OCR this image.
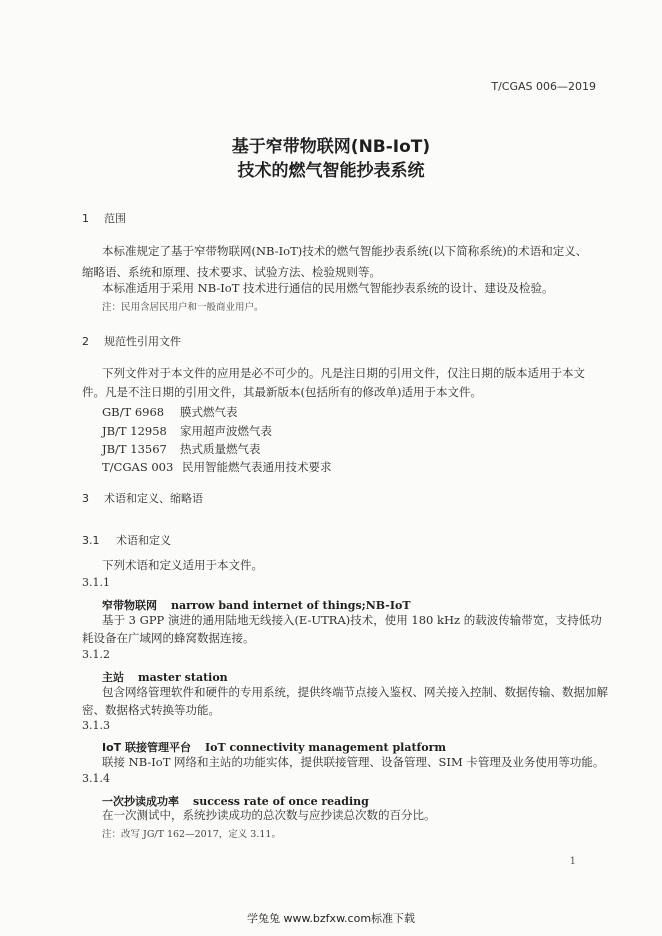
T/CGAS 006—2019
基于窄带物联网(NB-IoT)
技术的燃气智能抄表系统
1 范围
本标准规定了基于窄带物联网(NB-IoT)技术的燃气智能抄表系统(以下简称系统)的术语和定义、
缩略语、系统和原理、技术要求、试验方法、检验规则等。
本标准适用于采用 NB-IoT 技术进行通信的民用燃气智能抄表系统的设计、建设及检验。
注：民用含居民用户和一般商业用户。
2 规范性引用文件
下列文件对于本文件的应用是必不可少的。凡是注日期的引用文件，仅注日期的版本适用于本文
件。凡是不注日期的引用文件，其最新版本(包括所有的修改单)适用于本文件。
GB/T 6968 膜式燃气表
JB/T 12958 家用超声波燃气表
JB/T 13567 热式质量燃气表
T/CGAS 003 民用智能燃气表通用技术要求
3 术语和定义、缩略语
3.1 术语和定义
下列术语和定义适用于本文件。
3.1.1
窄带物联网 narrow band internet of things;NB-IoT
基于 3 GPP 演进的通用陆地无线接入(E-UTRA)技术，使用 180 kHz 的载波传输带宽，支持低功
耗设备在广域网的蜂窝数据连接。
3.1.2
主站 master station
包含网络管理软件和硬件的专用系统，提供终端节点接入鉴权、网关接入控制、数据传输、数据加解
密、数据格式转换等功能。
3.1.3
IoT 联接管理平台 IoT connectivity management platform
联接 NB-IoT 网络和主站的功能实体，提供联接管理、设备管理、SIM 卡管理及业务使用等功能。
3.1.4
一次抄读成功率 success rate of once reading
在一次测试中，系统抄读成功的总次数与应抄读总次数的百分比。
注：改写 JG/T 162—2017，定义 3.11。
1
学兔兔 www.bzfxw.com标准下载
